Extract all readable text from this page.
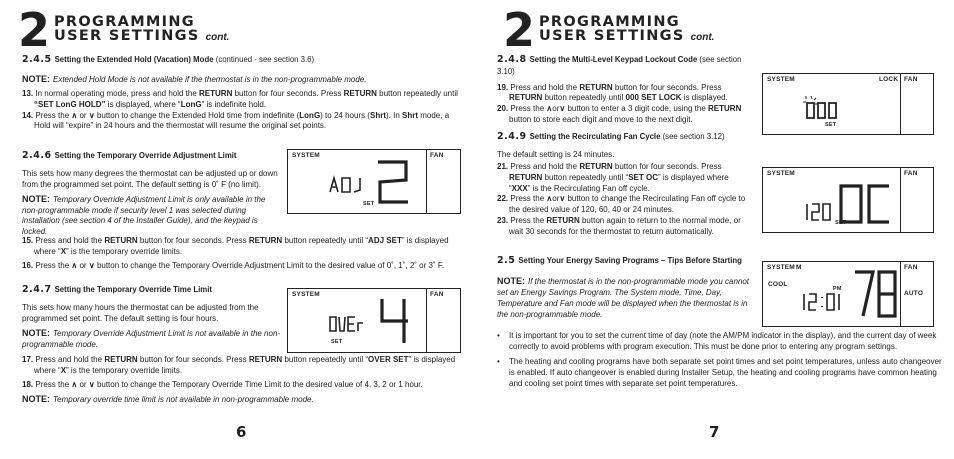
2 PROGRAMMING
USER SETTINGS cont.

2.4.5 Setting the Extended Hold (Vacation) Mode (continued - see section 3.6)

NOTE: Extended Hold Mode is not available if the thermostat is in the non-programmable mode.

13. In normal operating mode, press and hold the RETURN button for four seconds. Press RETURN button repeatedly until “SET LonG HOLD” is displayed, where “LonG” is indefinite hold.

14. Press the ∧ or ∨ button to change the Extended Hold time from indefinite (LonG) to 24 hours (Shrt). In Shrt mode, a Hold will “expire” in 24 hours and the thermostat will resume the original set points.

2.4.6 Setting the Temporary Override Adjustment Limit

This sets how many degrees the thermostat can be adjusted up or down from the programmed set point. The default setting is 0˚ F (no limit).

NOTE: Temporary Override Adjustment Limit is only available in the non-programmable mode if security level 1 was selected during installation (see section 4 of the Installer Guide), and the keypad is locked.

SYSTEM	FAN
SET

15. Press and hold the RETURN button for four seconds. Press RETURN button repeatedly until “ADJ SET” is displayed where “X” is the temporary override limits.

16. Press the ∧ or ∨ button to change the Temporary Override Adjustment Limit to the desired value of 0˚, 1˚, 2˚ or 3˚ F.

2.4.7 Setting the Temporary Override Time Limit

This sets how many hours the thermostat can be adjusted from the programmed set point. The default setting is four hours.

NOTE: Temporary Override Adjustment Limit is not available in the non-programmable mode.

SYSTEM	FAN
SET

17. Press and hold the RETURN button for four seconds. Press RETURN button repeatedly until “OVER SET” is displayed where “X” is the temporary override limits.

18. Press the ∧ or ∨ button to change the Temporary Override Time Limit to the desired value of 4, 3, 2 or 1 hour.

NOTE: Temporary override time limit is not available in non-programmable mode.

6
2 PROGRAMMING
USER SETTINGS cont.

2.4.8 Setting the Multi-Level Keypad Lockout Code (see section 3.10)

19. Press and hold the RETURN button for four seconds. Press RETURN button repeatedly until 000 SET LOCK is displayed.

20. Press the ∧or∨ button to enter a 3 digit code, using the RETURN button to store each digit and move to the next digit.

SYSTEM	LOCK FAN
SET

2.4.9 Setting the Recirculating Fan Cycle (see section 3.12)

The default setting is 24 minutes.

21. Press and hold the RETURN button for four seconds. Press RETURN button repeatedly until “SET OC” is displayed where “XXX” is the Recirculating Fan off cycle.

22. Press the ∧or∨ button to change the Recirculating Fan off cycle to the desired value of 120, 60, 40 or 24 minutes.

23. Press the RETURN button again to return to the normal mode, or wait 30 seconds for the thermostat to return automatically.

SYSTEM	FAN
SET

2.5 Setting Your Energy Saving Programs – Tips Before Starting

NOTE: If the thermostat is in the non-programmable mode you cannot set an Energy Savings Program. The System mode, Time, Day, Temperature and Fan mode will be displayed when the thermostat is in the non-programmable mode.

SYSTEM M	FAN
COOL
PM
AUTO
• It is important for you to set the current time of day (note the AM/PM indicator in the display), and the current day of week correctly to avoid problems with program execution. This must be done prior to entering any program settings.
• The heating and cooling programs have both separate set point times and set point temperatures, unless auto changeover is enabled. If auto changeover is enabled during Installer Setup, the heating and cooling programs have common heating and cooling set point times with separate set point temperatures.
7
